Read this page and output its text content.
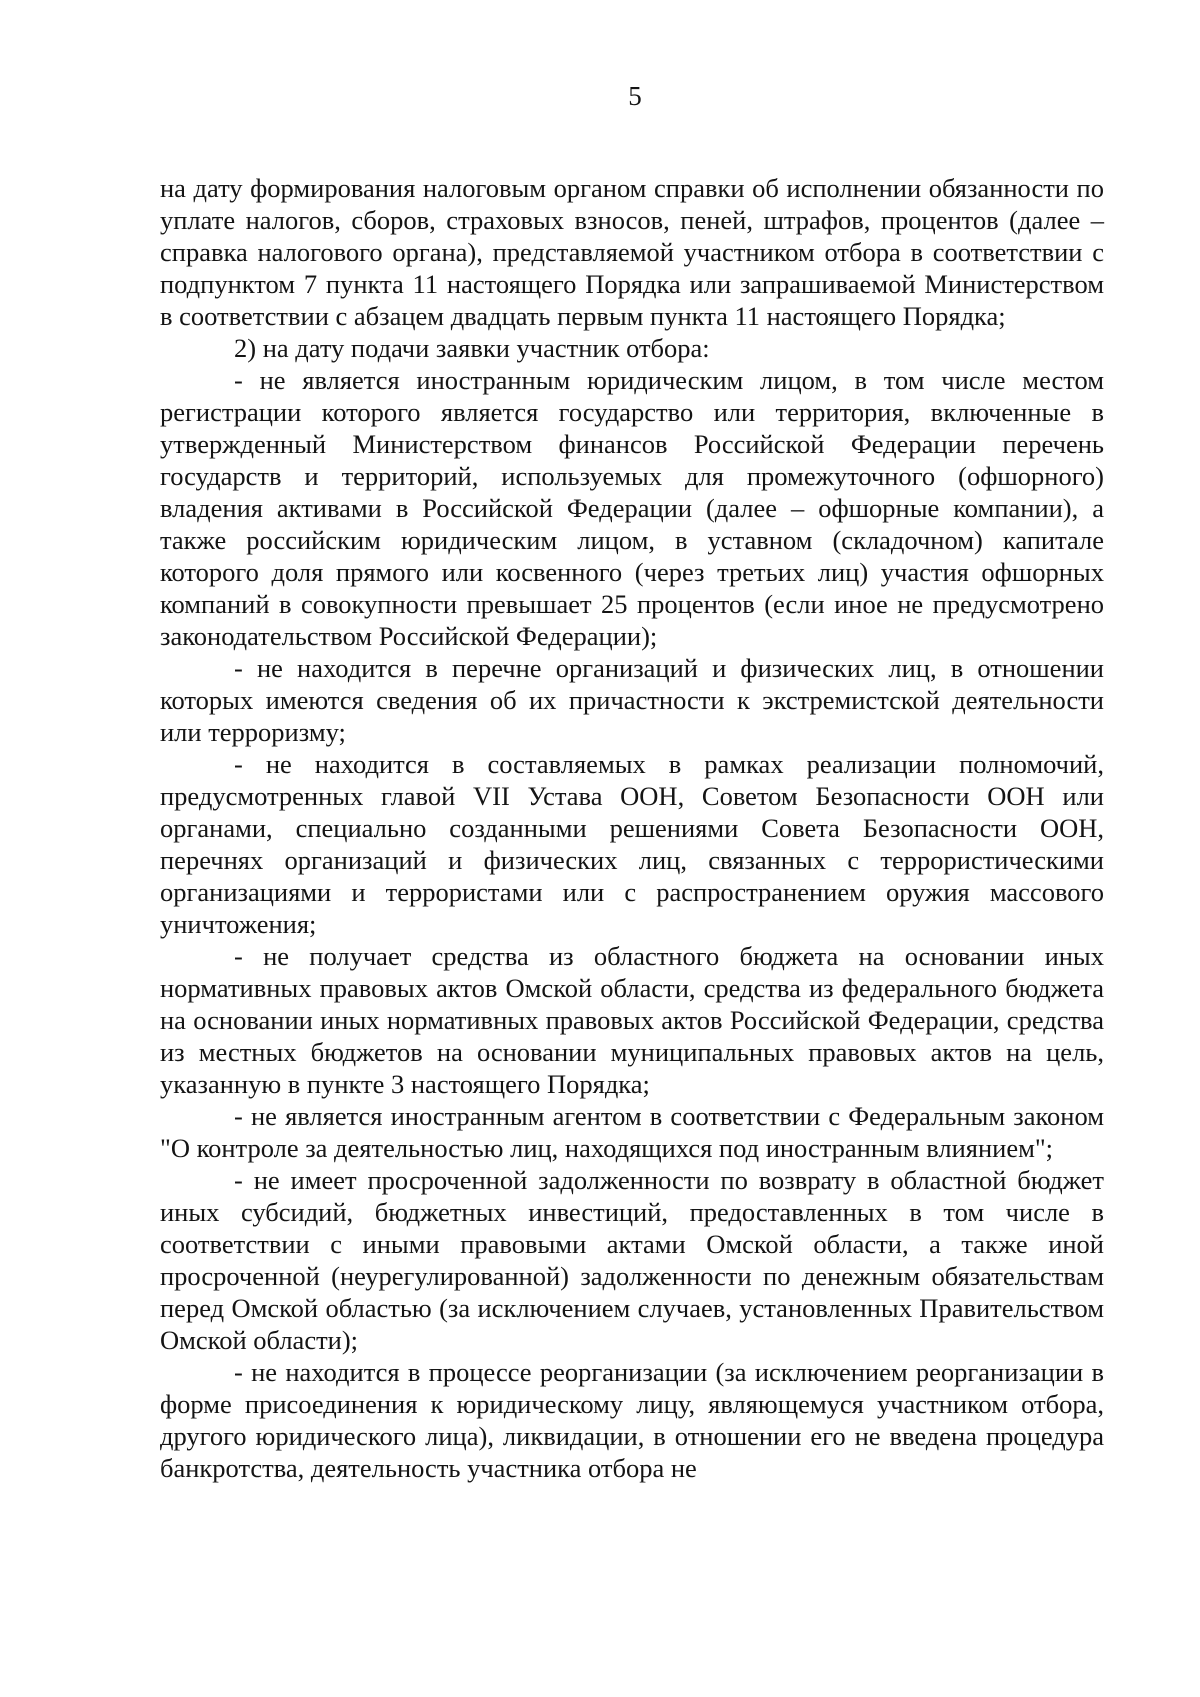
5

на дату формирования налоговым органом справки об исполнении обязанности по уплате налогов, сборов, страховых взносов, пеней, штрафов, процентов (далее – справка налогового органа), представляемой участником отбора в соответствии с подпунктом 7 пункта 11 настоящего Порядка или запрашиваемой Министерством в соответствии с абзацем двадцать первым пункта 11 настоящего Порядка;

2) на дату подачи заявки участник отбора:

- не является иностранным юридическим лицом, в том числе местом регистрации которого является государство или территория, включенные в утвержденный Министерством финансов Российской Федерации перечень государств и территорий, используемых для промежуточного (офшорного) владения активами в Российской Федерации (далее – офшорные компании), а также российским юридическим лицом, в уставном (складочном) капитале которого доля прямого или косвенного (через третьих лиц) участия офшорных компаний в совокупности превышает 25 процентов (если иное не предусмотрено законодательством Российской Федерации);

- не находится в перечне организаций и физических лиц, в отношении которых имеются сведения об их причастности к экстремистской деятельности или терроризму;

- не находится в составляемых в рамках реализации полномочий, предусмотренных главой VII Устава ООН, Советом Безопасности ООН или органами, специально созданными решениями Совета Безопасности ООН, перечнях организаций и физических лиц, связанных с террористическими организациями и террористами или с распространением оружия массового уничтожения;

- не получает средства из областного бюджета на основании иных нормативных правовых актов Омской области, средства из федерального бюджета на основании иных нормативных правовых актов Российской Федерации, средства из местных бюджетов на основании муниципальных правовых актов на цель, указанную в пункте 3 настоящего Порядка;

- не является иностранным агентом в соответствии с Федеральным законом "О контроле за деятельностью лиц, находящихся под иностранным влиянием";

- не имеет просроченной задолженности по возврату в областной бюджет иных субсидий, бюджетных инвестиций, предоставленных в том числе в соответствии с иными правовыми актами Омской области, а также иной просроченной (неурегулированной) задолженности по денежным обязательствам перед Омской областью (за исключением случаев, установленных Правительством Омской области);

- не находится в процессе реорганизации (за исключением реорганизации в форме присоединения к юридическому лицу, являющемуся участником отбора, другого юридического лица), ликвидации, в отношении его не введена процедура банкротства, деятельность участника отбора не
